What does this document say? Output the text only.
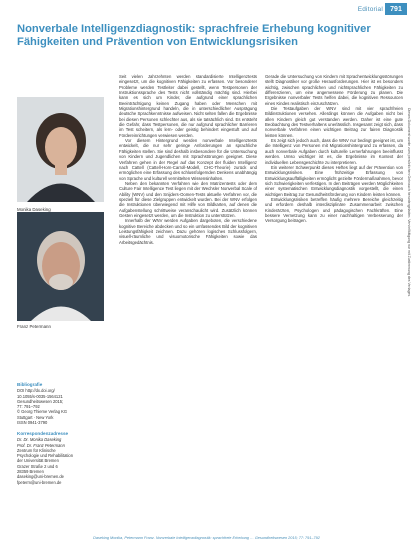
Editorial	791
Nonverbale Intelligenzdiagnostik: sprachfreie Erhebung kognitiver Fähigkeiten und Prävention von Entwicklungsrisiken
Monika Daseking
Franz Petermann
Bibliografie
DOI http://dx.doi.org/
10.1055/s-0035-1564121
Gesundheitswesen 2015;
77: 791–792
© Georg Thieme Verlag KG
Stuttgart · New York
ISSN 0941-3790
Korrespondenzadresse
Dr. Dr. Monika Daseking
Prof. Dr. Franz Petermann
Zentrum für Klinische
Psychologie und Rehabilitation
der Universität Bremen
Grazer Straße 2 und 6
28359 Bremen
daseking@uni-bremen.de
fpeterm@uni-bremen.de

Seit vielen Jahrzehnten werden standardisierte Intelligenztests eingesetzt, um die kognitiven Fähigkeiten zu erfassen. Vor besonderer Probleme werden Testleiter dabei gestellt, wenn Testpersonen der Instruktionssprache des Tests nicht vollständig mächtig sind. Hierbei kann es sich um Kinder, die aufgrund einer sprachlichen Beeinträchtigung keinen Zugang haben oder Menschen mit Migrationshintergrund handeln, die in unterschiedlicher Ausprägung deutsche Sprachkenntnisse aufweisen. Nicht selten fallen die Ergebnisse bei diesen Personen schlechter aus, als sie tatsächlich sind. Es entsteht die Gefahr, dass Testpersonen, die nur aufgrund sprachlicher Barrieren im Test scheitern, als lern- oder geistig behindert eingestuft und auf Fördereinrichtungen verwiesen werden.

Vor diesem Hintergrund werden nonverbale Intelligenztests entwickelt, die nur sehr geringe Anforderungen an sprachliche Fähigkeiten stellen. Sie sind deshalb insbesondere für die Untersuchung von Kindern und Jugendlichen mit Sprachstörungen geeignet. Diese Verfahren gehen in der Regel auf das Konzept der fluiden Intelligenz nach Cattell (Cattell-Horn-Carroll-Modell, CHC-Theorie) zurück und ermöglichen eine Erfassung des schlussfolgernden Denkens unabhängig von Sprache und kulturell vermittelten Wissensinhalten.

Neben den bekannten Verfahren wie den Matrizentests oder dem Culture Fair Intelligence Test liegen mit der Wechsler Nonverbal Scale of Ability (WNV) und den Snijders-Oomen-Tests aktuelle Verfahren vor, die speziell für diese Zielgruppen entwickelt wurden. Bei der WNV erfolgen die Instruktionen überwiegend mit Hilfe von Bildkarten, auf denen die Aufgabenstellung schrittweise veranschaulicht wird. Zusätzlich können Gesten eingesetzt werden, um die Instruktion zu unterstützen.

Innerhalb der WNV werden Aufgaben dargeboten, die verschiedene kognitive Bereiche abdecken und so ein umfassendes Bild der kognitiven Leistungsfähigkeit zeichnen. Dazu gehören logisches Schlussfolgern, visuell-räumliche und visuomotorische Fähigkeiten sowie das Arbeitsgedächtnis.

Gerade die Untersuchung von Kindern mit Sprachentwicklungsstörungen stellt Diagnostiker vor große Herausforderungen. Hier ist es besonders wichtig, zwischen sprachlichen und nichtsprachlichen Fähigkeiten zu differenzieren, um eine angemessene Förderung zu planen. Die Ergebnisse nonverbaler Tests helfen dabei, die kognitiven Ressourcen eines Kindes realistisch einzuschätzen.

Die Testaufgaben der WNV sind mit vier sprachfreien Bildinstruktionen versehen. Allerdings können die Aufgaben nicht bei allen Kindern gleich gut verstanden werden. Daher ist eine gute Beobachtung des Testverhaltens unerlässlich. Insgesamt zeigt sich, dass nonverbale Verfahren einen wichtigen Beitrag zur fairen Diagnostik leisten können.

Es zeigt sich jedoch auch, dass die WNV nur bedingt geeignet ist, um die Intelligenz von Personen mit Migrationshintergrund zu erfassen, da auch nonverbale Aufgaben durch kulturelle Lernerfahrungen beeinflusst werden. Umso wichtiger ist es, die Ergebnisse im Kontext der individuellen Lebensgeschichte zu interpretieren.

Ein weiterer Schwerpunkt dieses Heftes liegt auf der Prävention von Entwicklungsrisiken. Eine frühzeitige Erfassung von Entwicklungsauffälligkeiten ermöglicht gezielte Fördermaßnahmen, bevor sich Schwierigkeiten verfestigen. In den Beiträgen werden Möglichkeiten einer systematischen Entwicklungsdiagnostik vorgestellt, die einen wichtigen Beitrag zur Gesundheitsförderung von Kindern leisten können.

Entwicklungsrisiken betreffen häufig mehrere Bereiche gleichzeitig und erfordern deshalb interdisziplinäre Zusammenarbeit zwischen Kinderärzten, Psychologen und pädagogischen Fachkräften. Eine bessere Vernetzung kann zu einer nachhaltigen Verbesserung der Versorgung beitragen.	Dieses Dokument wurde zum persönlichen Gebrauch heruntergeladen. Vervielfältigung nur mit Zustimmung des Verlages.
Daseking Monika, Petermann Franz. Nonverbale Intelligenzdiagnostik: sprachfreie Erhebung … Gesundheitswesen 2015; 77: 791–792
